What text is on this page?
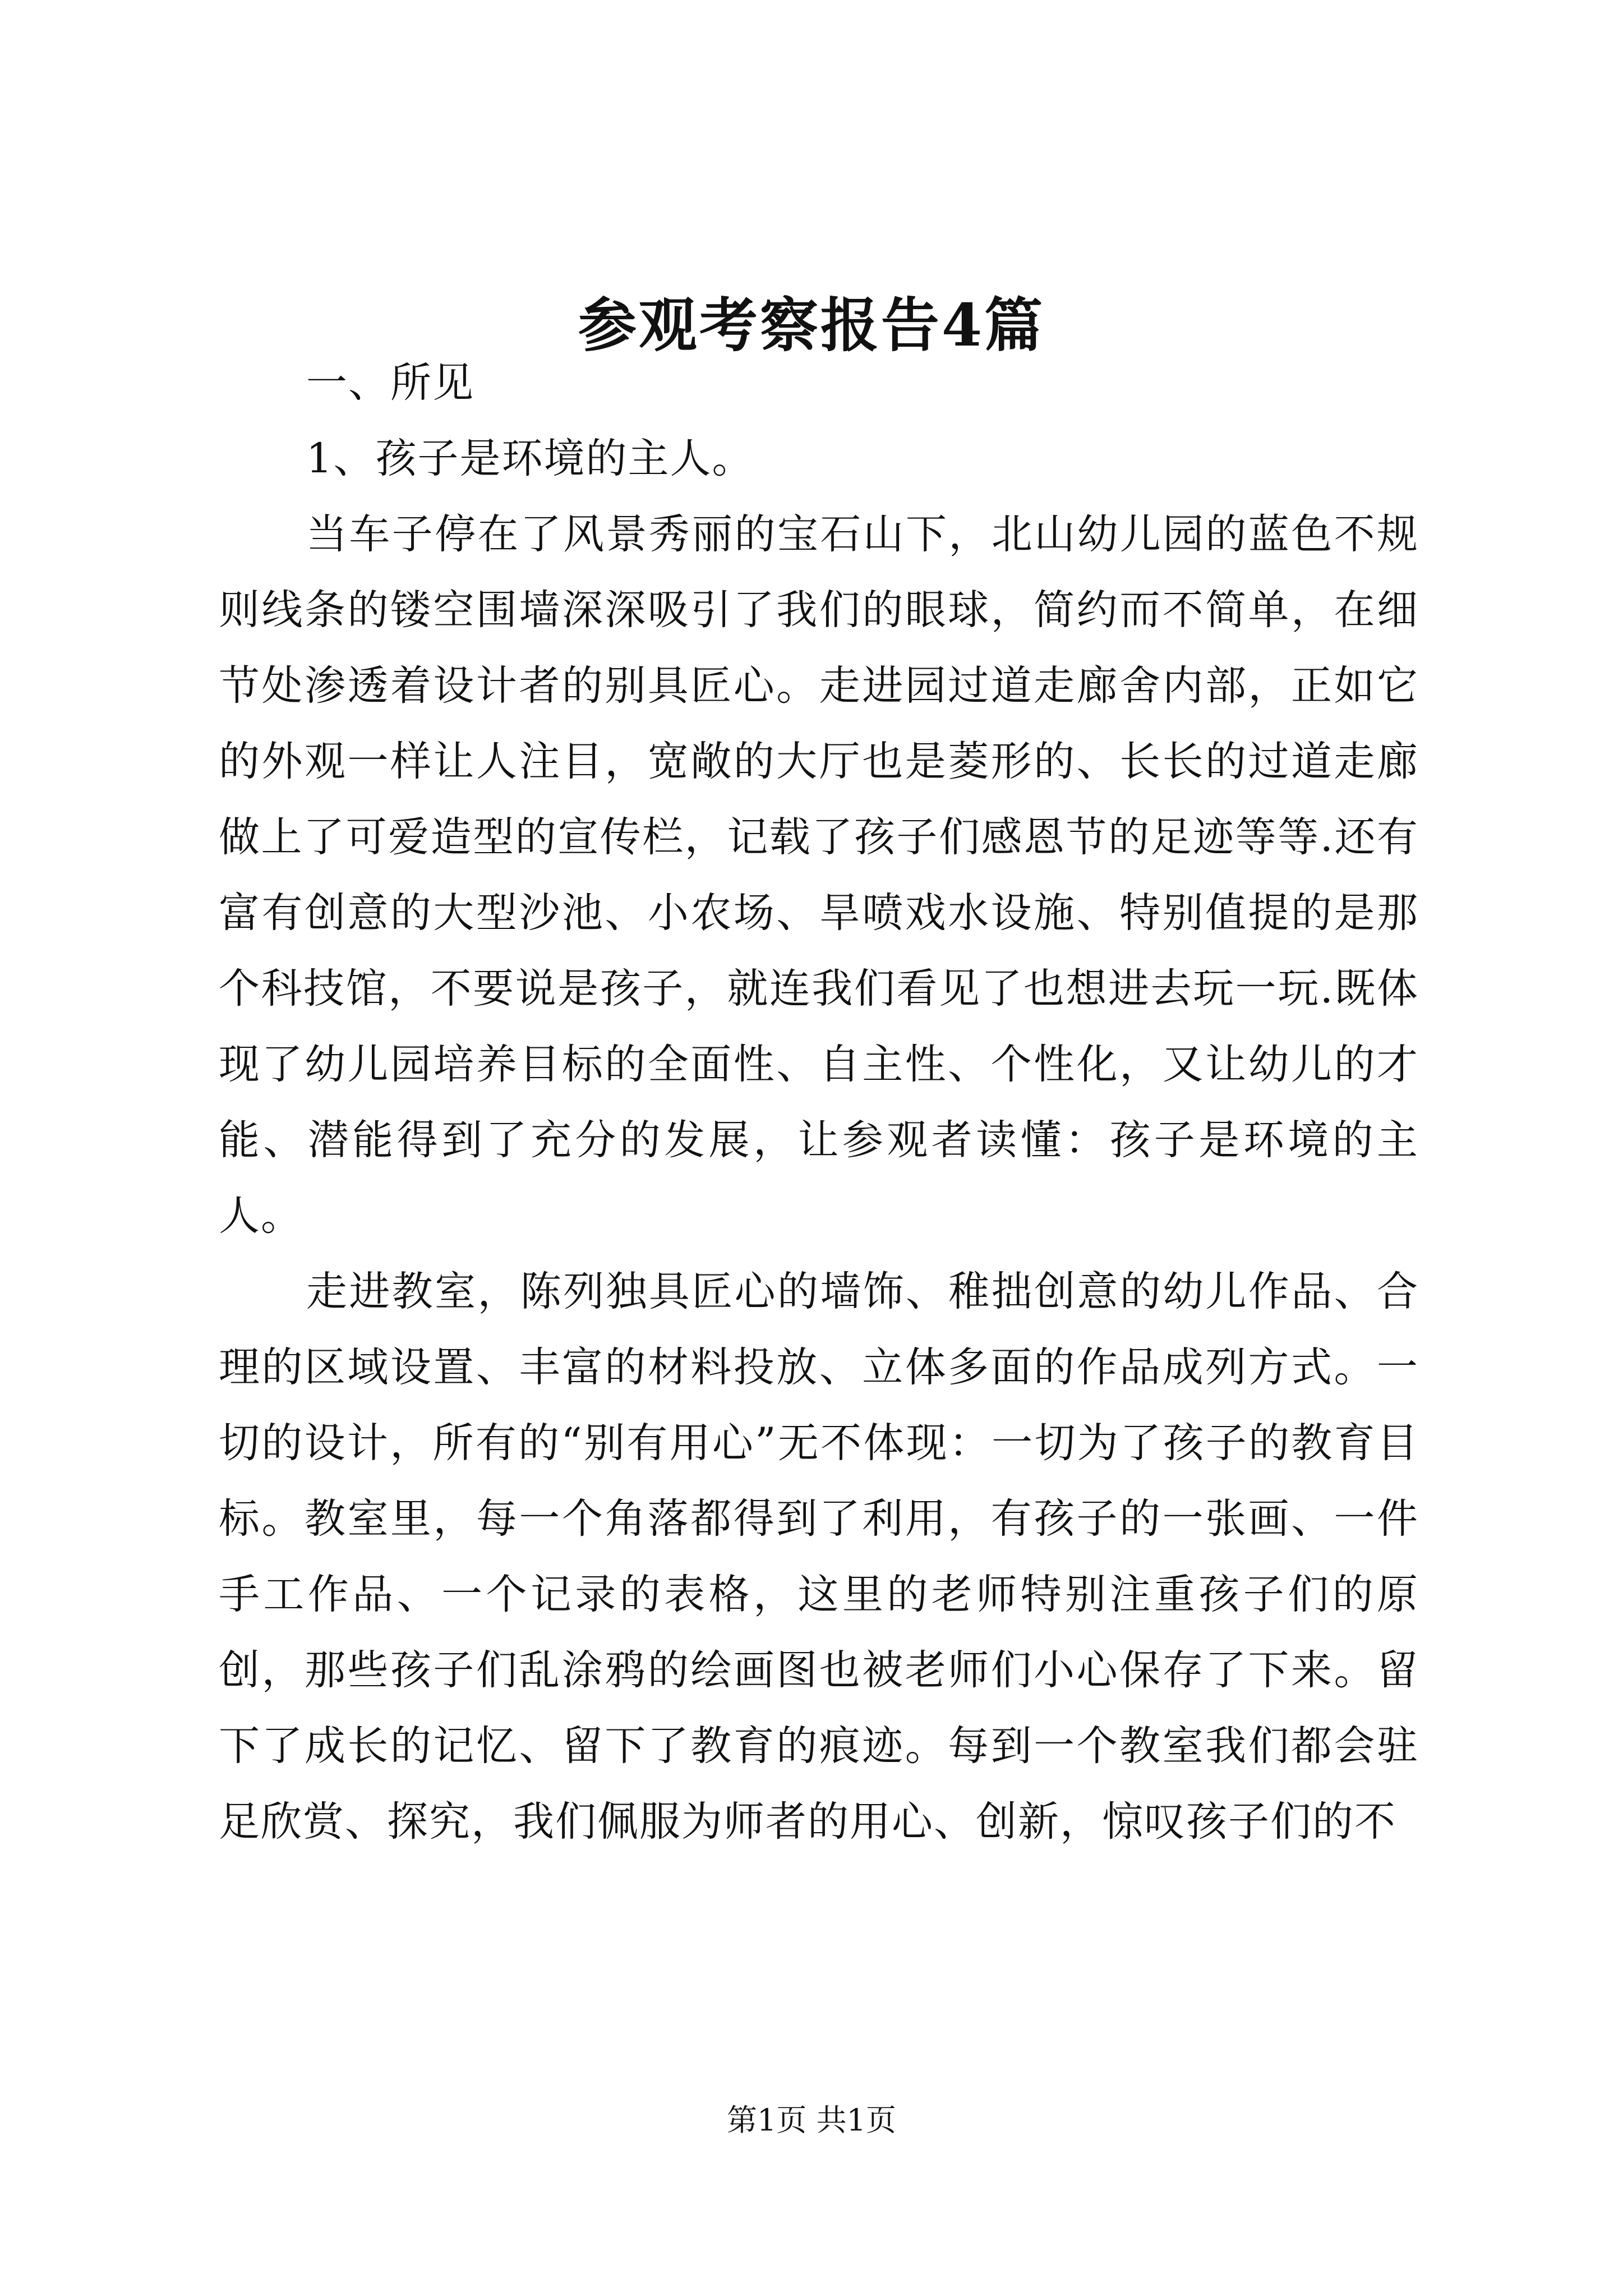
参观考察报告4篇

一、所见

1、孩子是环境的主人。

当车子停在了风景秀丽的宝石山下，北山幼儿园的蓝色不规则线条的镂空围墙深深吸引了我们的眼球，简约而不简单，在细节处渗透着设计者的别具匠心。走进园过道走廊舍内部，正如它的外观一样让人注目，宽敞的大厅也是菱形的、长长的过道走廊做上了可爱造型的宣传栏，记载了孩子们感恩节的足迹等等.还有富有创意的大型沙池、小农场、旱喷戏水设施、特别值提的是那个科技馆，不要说是孩子，就连我们看见了也想进去玩一玩.既体现了幼儿园培养目标的全面性、自主性、个性化，又让幼儿的才能、潜能得到了充分的发展，让参观者读懂：孩子是环境的主人。

走进教室，陈列独具匠心的墙饰、稚拙创意的幼儿作品、合理的区域设置、丰富的材料投放、立体多面的作品成列方式。一切的设计，所有的“别有用心”无不体现：一切为了孩子的教育目标。教室里，每一个角落都得到了利用，有孩子的一张画、一件手工作品、一个记录的表格，这里的老师特别注重孩子们的原创，那些孩子们乱涂鸦的绘画图也被老师们小心保存了下来。留下了成长的记忆、留下了教育的痕迹。每到一个教室我们都会驻足欣赏、探究，我们佩服为师者的用心、创新，惊叹孩子们的不

第1页 共1页
